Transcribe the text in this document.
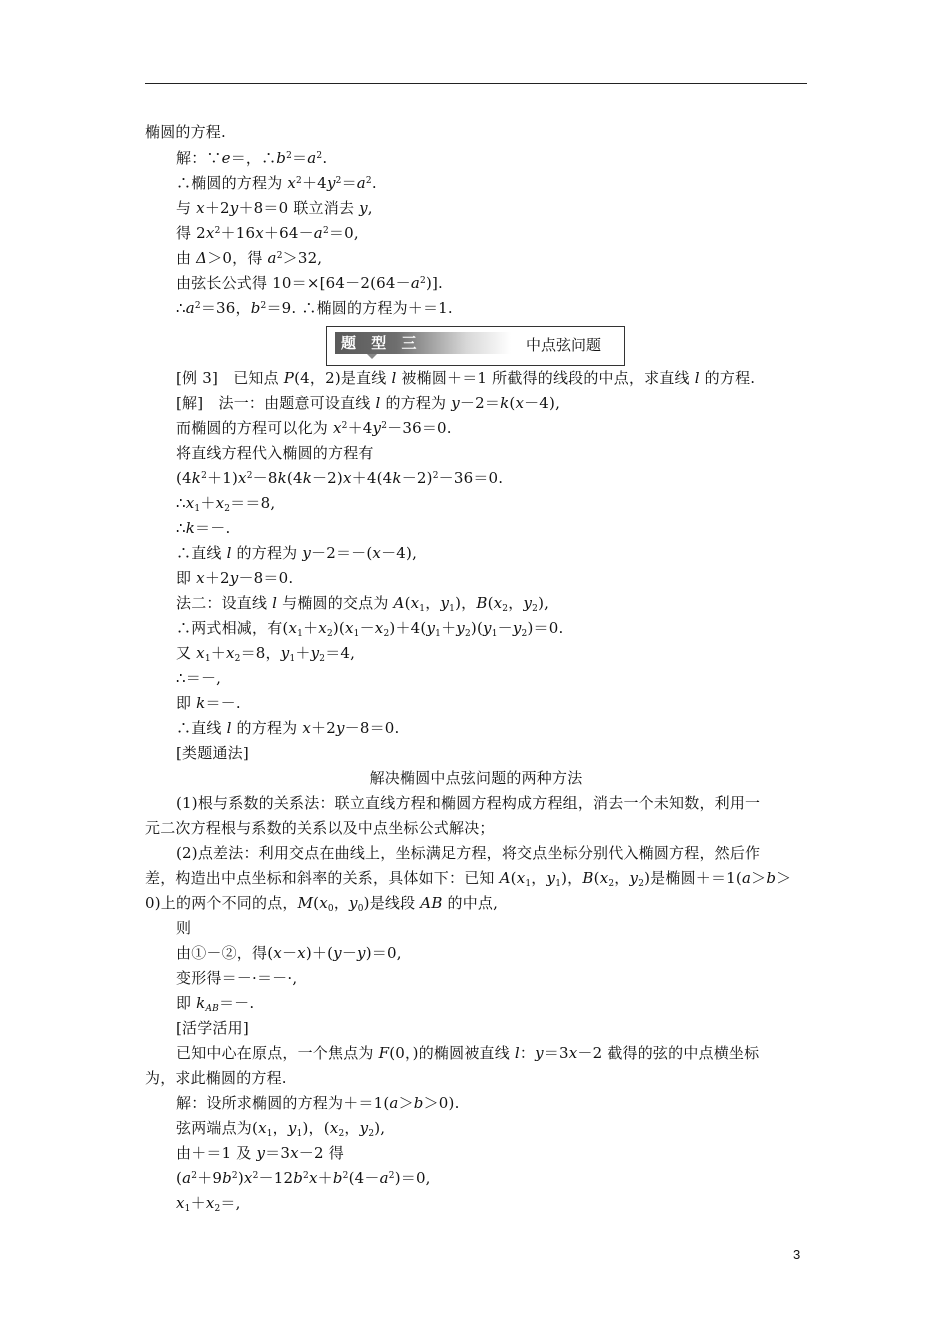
椭圆的方程.
解：∵e＝，$\therefore b^2=a^2$.
∴椭圆的方程为 $x^2+4y^2=a^2$.
与 x＋2y＋8＝0 联立消去 y,
得 $2x^2+16x+64-a^2=0$,
由 Δ＞0，得 $a^2>32$,
由弦长公式得 $10=\times[64-2(64-a^2)]$.
$\therefore a^2=36$，$b^2=9$. ∴椭圆的方程为＋＝1.
题 型 三	中点弦问题
[例 3]　已知点 P(4，2)是直线 l 被椭圆＋＝1 所截得的线段的中点，求直线 l 的方程.
[解]　法一：由题意可设直线 l 的方程为 y－2＝k(x－4),
而椭圆的方程可以化为 $x^2+4y^2-36=0$.
将直线方程代入椭圆的方程有
$(4k^2+1)x^2-8k(4k-2)x+4(4k-2)^2-36=0$.
$\therefore x_1+x_2==8$,
∴k＝－.
∴直线 l 的方程为 y－2＝－(x－4),
即 x＋2y－8＝0.
法二：设直线 l 与椭圆的交点为 $A(x_1$，$y_1$)，$B(x_2$，$y_2$),
∴两式相减，有$(x_1+x_2)(x_1-x_2)+4(y_1+y_2)(y_1-y_2)=0$.
又 $x_1+x_2=8$，$y_1+y_2=4$,
∴＝－,
即 k＝－.
∴直线 l 的方程为 x＋2y－8＝0.
[类题通法]
解决椭圆中点弦问题的两种方法
(1)根与系数的关系法：联立直线方程和椭圆方程构成方程组，消去一个未知数，利用一
元二次方程根与系数的关系以及中点坐标公式解决；
(2)点差法：利用交点在曲线上，坐标满足方程，将交点坐标分别代入椭圆方程，然后作
差，构造出中点坐标和斜率的关系，具体如下：已知 $A(x_1$，$y_1$)，$B(x_2$，$y_2$)是椭圆＋＝1(a＞b＞
0)上的两个不同的点，$M(x_0$，$y_0$)是线段 AB 的中点,
则
由①－②，得(x－x)＋(y－y)＝0,
变形得＝－·＝－·,
即 $k_{AB}=-$.
[活学活用]
已知中心在原点，一个焦点为 F(0，)的椭圆被直线 l：y＝3x－2 截得的弦的中点横坐标
为，求此椭圆的方程.
解：设所求椭圆的方程为＋＝1(a＞b＞0).
弦两端点为($x_1$，$y_1$)，($x_2$，$y_2$),
由＋＝1 及 y＝3x－2 得
$(a^2+9b^2)x^2-12b^2x+b^2(4-a^2)=0$,
$x_1+x_2=$,
3
